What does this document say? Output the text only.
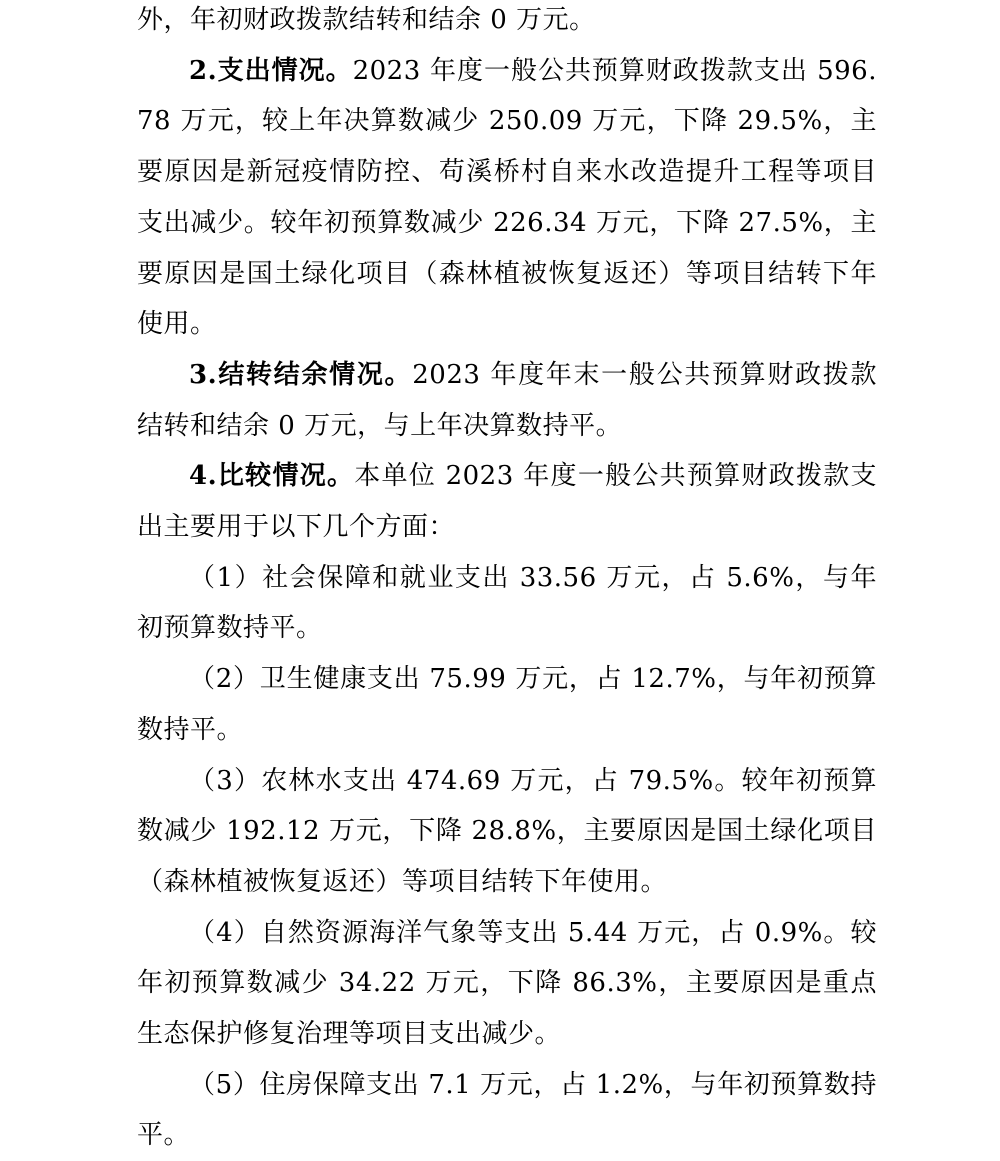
外，年初财政拨款结转和结余 0 万元。

2.支出情况。2023 年度一般公共预算财政拨款支出 596.78 万元，较上年决算数减少 250.09 万元，下降 29.5%，主要原因是新冠疫情防控、苟溪桥村自来水改造提升工程等项目支出减少。较年初预算数减少 226.34 万元，下降 27.5%，主要原因是国土绿化项目（森林植被恢复返还）等项目结转下年使用。

3.结转结余情况。2023 年度年末一般公共预算财政拨款结转和结余 0 万元，与上年决算数持平。

4.比较情况。本单位 2023 年度一般公共预算财政拨款支出主要用于以下几个方面：

（1）社会保障和就业支出 33.56 万元，占 5.6%，与年初预算数持平。

（2）卫生健康支出 75.99 万元，占 12.7%，与年初预算数持平。

（3）农林水支出 474.69 万元，占 79.5%。较年初预算数减少 192.12 万元，下降 28.8%，主要原因是国土绿化项目（森林植被恢复返还）等项目结转下年使用。

（4）自然资源海洋气象等支出 5.44 万元，占 0.9%。较年初预算数减少 34.22 万元，下降 86.3%，主要原因是重点生态保护修复治理等项目支出减少。

（5）住房保障支出 7.1 万元，占 1.2%，与年初预算数持平。
